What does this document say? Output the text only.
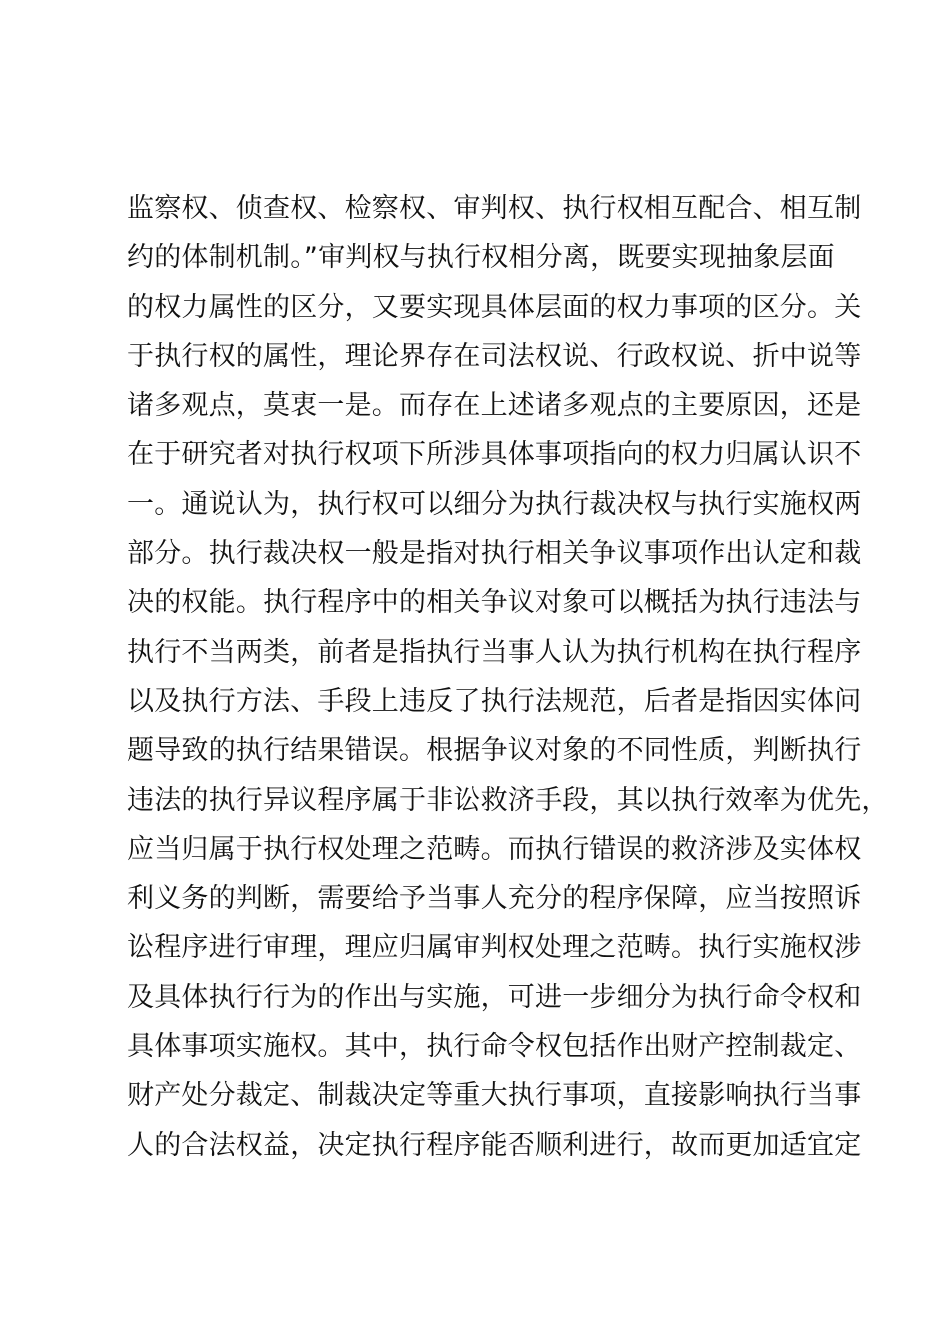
监察权、侦查权、检察权、审判权、执行权相互配合、相互制
约的体制机制。”审判权与执行权相分离，既要实现抽象层面
的权力属性的区分，又要实现具体层面的权力事项的区分。关
于执行权的属性，理论界存在司法权说、行政权说、折中说等
诸多观点，莫衷一是。而存在上述诸多观点的主要原因，还是
在于研究者对执行权项下所涉具体事项指向的权力归属认识不
一。通说认为，执行权可以细分为执行裁决权与执行实施权两
部分。执行裁决权一般是指对执行相关争议事项作出认定和裁
决的权能。执行程序中的相关争议对象可以概括为执行违法与
执行不当两类，前者是指执行当事人认为执行机构在执行程序
以及执行方法、手段上违反了执行法规范，后者是指因实体问
题导致的执行结果错误。根据争议对象的不同性质，判断执行
违法的执行异议程序属于非讼救济手段，其以执行效率为优先，
应当归属于执行权处理之范畴。而执行错误的救济涉及实体权
利义务的判断，需要给予当事人充分的程序保障，应当按照诉
讼程序进行审理，理应归属审判权处理之范畴。执行实施权涉
及具体执行行为的作出与实施，可进一步细分为执行命令权和
具体事项实施权。其中，执行命令权包括作出财产控制裁定、
财产处分裁定、制裁决定等重大执行事项，直接影响执行当事
人的合法权益，决定执行程序能否顺利进行，故而更加适宜定
